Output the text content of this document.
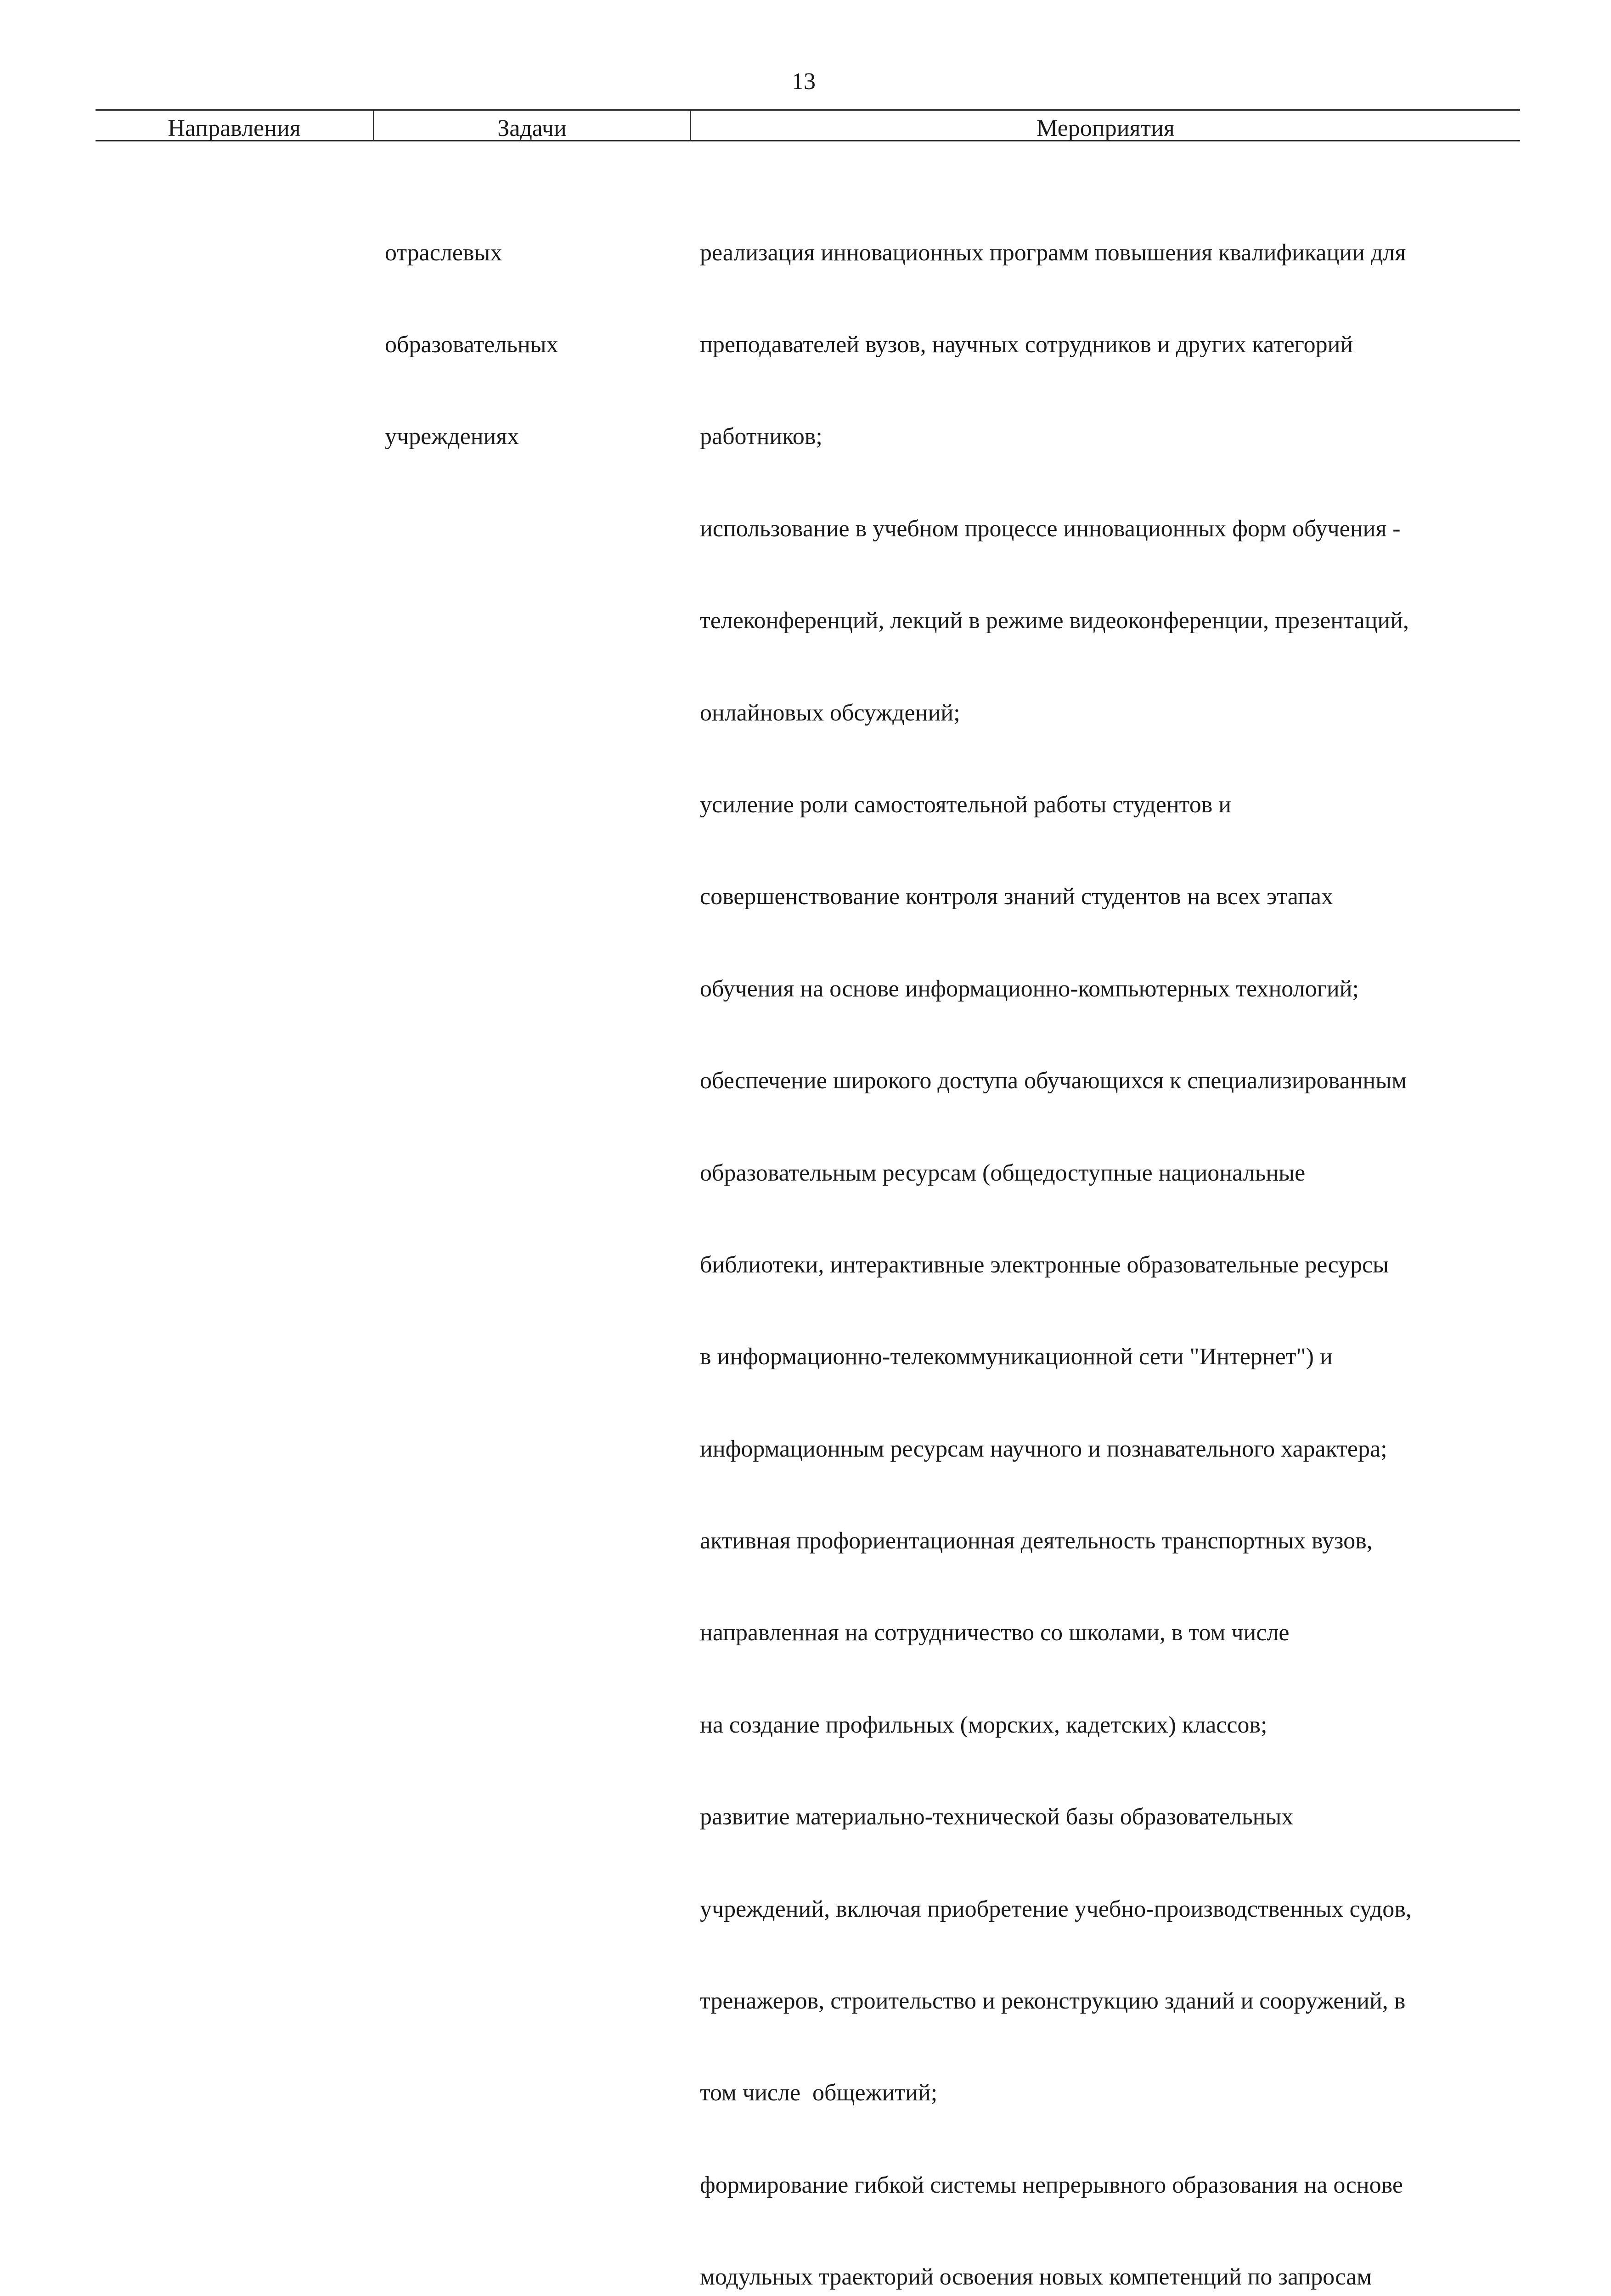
13
Направления	Задачи	Мероприятия

отраслевых

образовательных

учреждениях

реализация инновационных программ повышения квалификации для

преподавателей вузов, научных сотрудников и других категорий

работников;

использование в учебном процессе инновационных форм обучения -

телеконференций, лекций в режиме видеоконференции, презентаций,

онлайновых обсуждений;

усиление роли самостоятельной работы студентов и

совершенствование контроля знаний студентов на всех этапах

обучения на основе информационно-компьютерных технологий;

обеспечение широкого доступа обучающихся к специализированным

образовательным ресурсам (общедоступные национальные

библиотеки, интерактивные электронные образовательные ресурсы

в информационно-телекоммуникационной сети "Интернет") и

информационным ресурсам научного и познавательного характера;

активная профориентационная деятельность транспортных вузов,

направленная на сотрудничество со школами, в том числе

на создание профильных (морских, кадетских) классов;

развитие материально-технической базы образовательных

учреждений, включая приобретение учебно-производственных судов,

тренажеров, строительство и реконструкцию зданий и сооружений, в

том числе  общежитий;

формирование гибкой системы непрерывного образования на основе

модульных траекторий освоения новых компетенций по запросам
